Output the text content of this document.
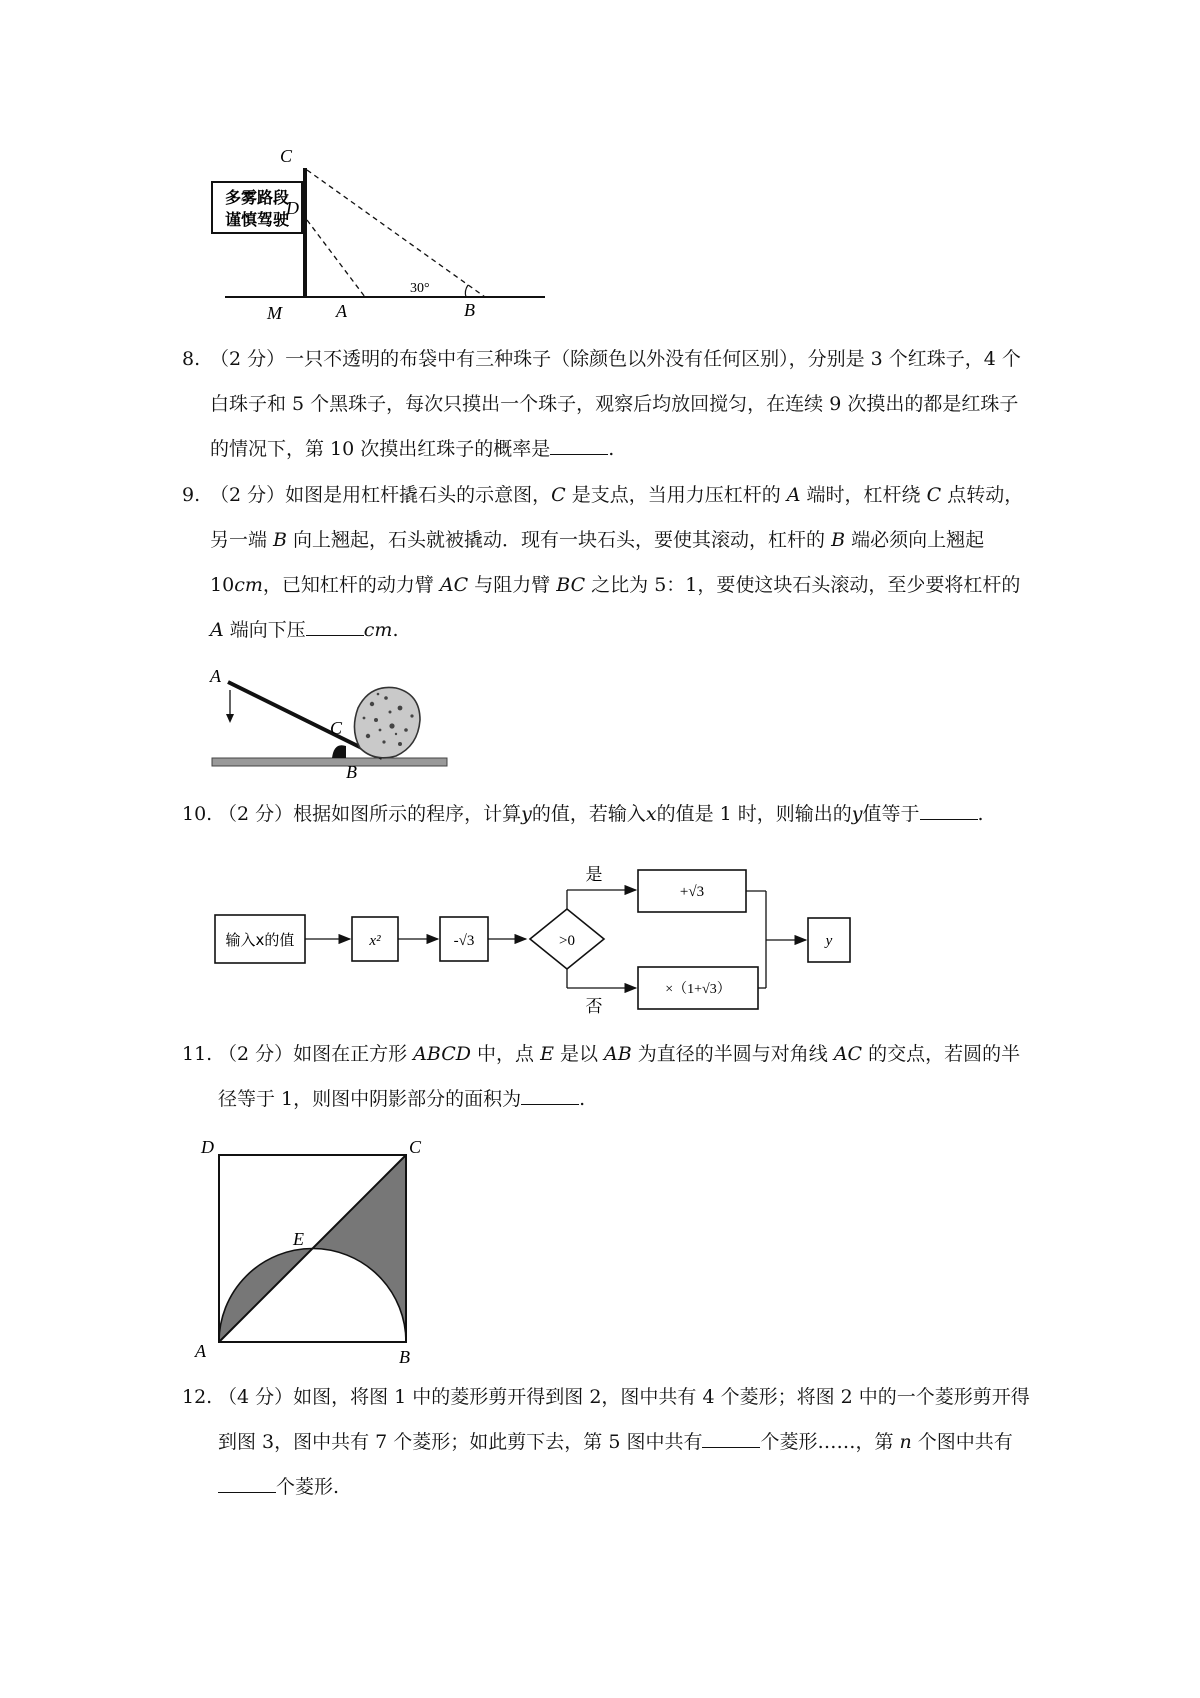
多雾路段
谨慎驾驶
C
D
M	A	B
30°
8. （2 分）一只不透明的布袋中有三种珠子（除颜色以外没有任何区别），分别是 3 个红珠子，4 个白珠子和 5 个黑珠子，每次只摸出一个珠子，观察后均放回搅匀，在连续 9 次摸出的都是红珠子的情况下，第 10 次摸出红珠子的概率是	.

9. （2 分）如图是用杠杆撬石头的示意图，C 是支点，当用力压杠杆的 A 端时，杠杆绕 C 点转动，另一端 B 向上翘起，石头就被撬动．现有一块石头，要使其滚动，杠杆的 B 端必须向上翘起 10cm，已知杠杆的动力臂 AC 与阻力臂 BC 之比为 5：1，要使这块石头滚动，至少要将杠杆的 A 端向下压	cm.

A
C
B
10. （2 分）根据如图所示的程序，计算y的值，若输入x的值是 1 时，则输出的y值等于	.

输入x的值	x²	-√3	>0
是
+√3
否
×（1+√3）
y
11. （2 分）如图在正方形 ABCD 中，点 E 是以 AB 为直径的半圆与对角线 AC 的交点，若圆的半径等于 1，则图中阴影部分的面积为	.

D	C
E
A	B
12. （4 分）如图，将图 1 中的菱形剪开得到图 2，图中共有 4 个菱形；将图 2 中的一个菱形剪开得到图 3，图中共有 7 个菱形；如此剪下去，第 5 图中共有	个菱形……，第 n 个图中共有个菱形.
